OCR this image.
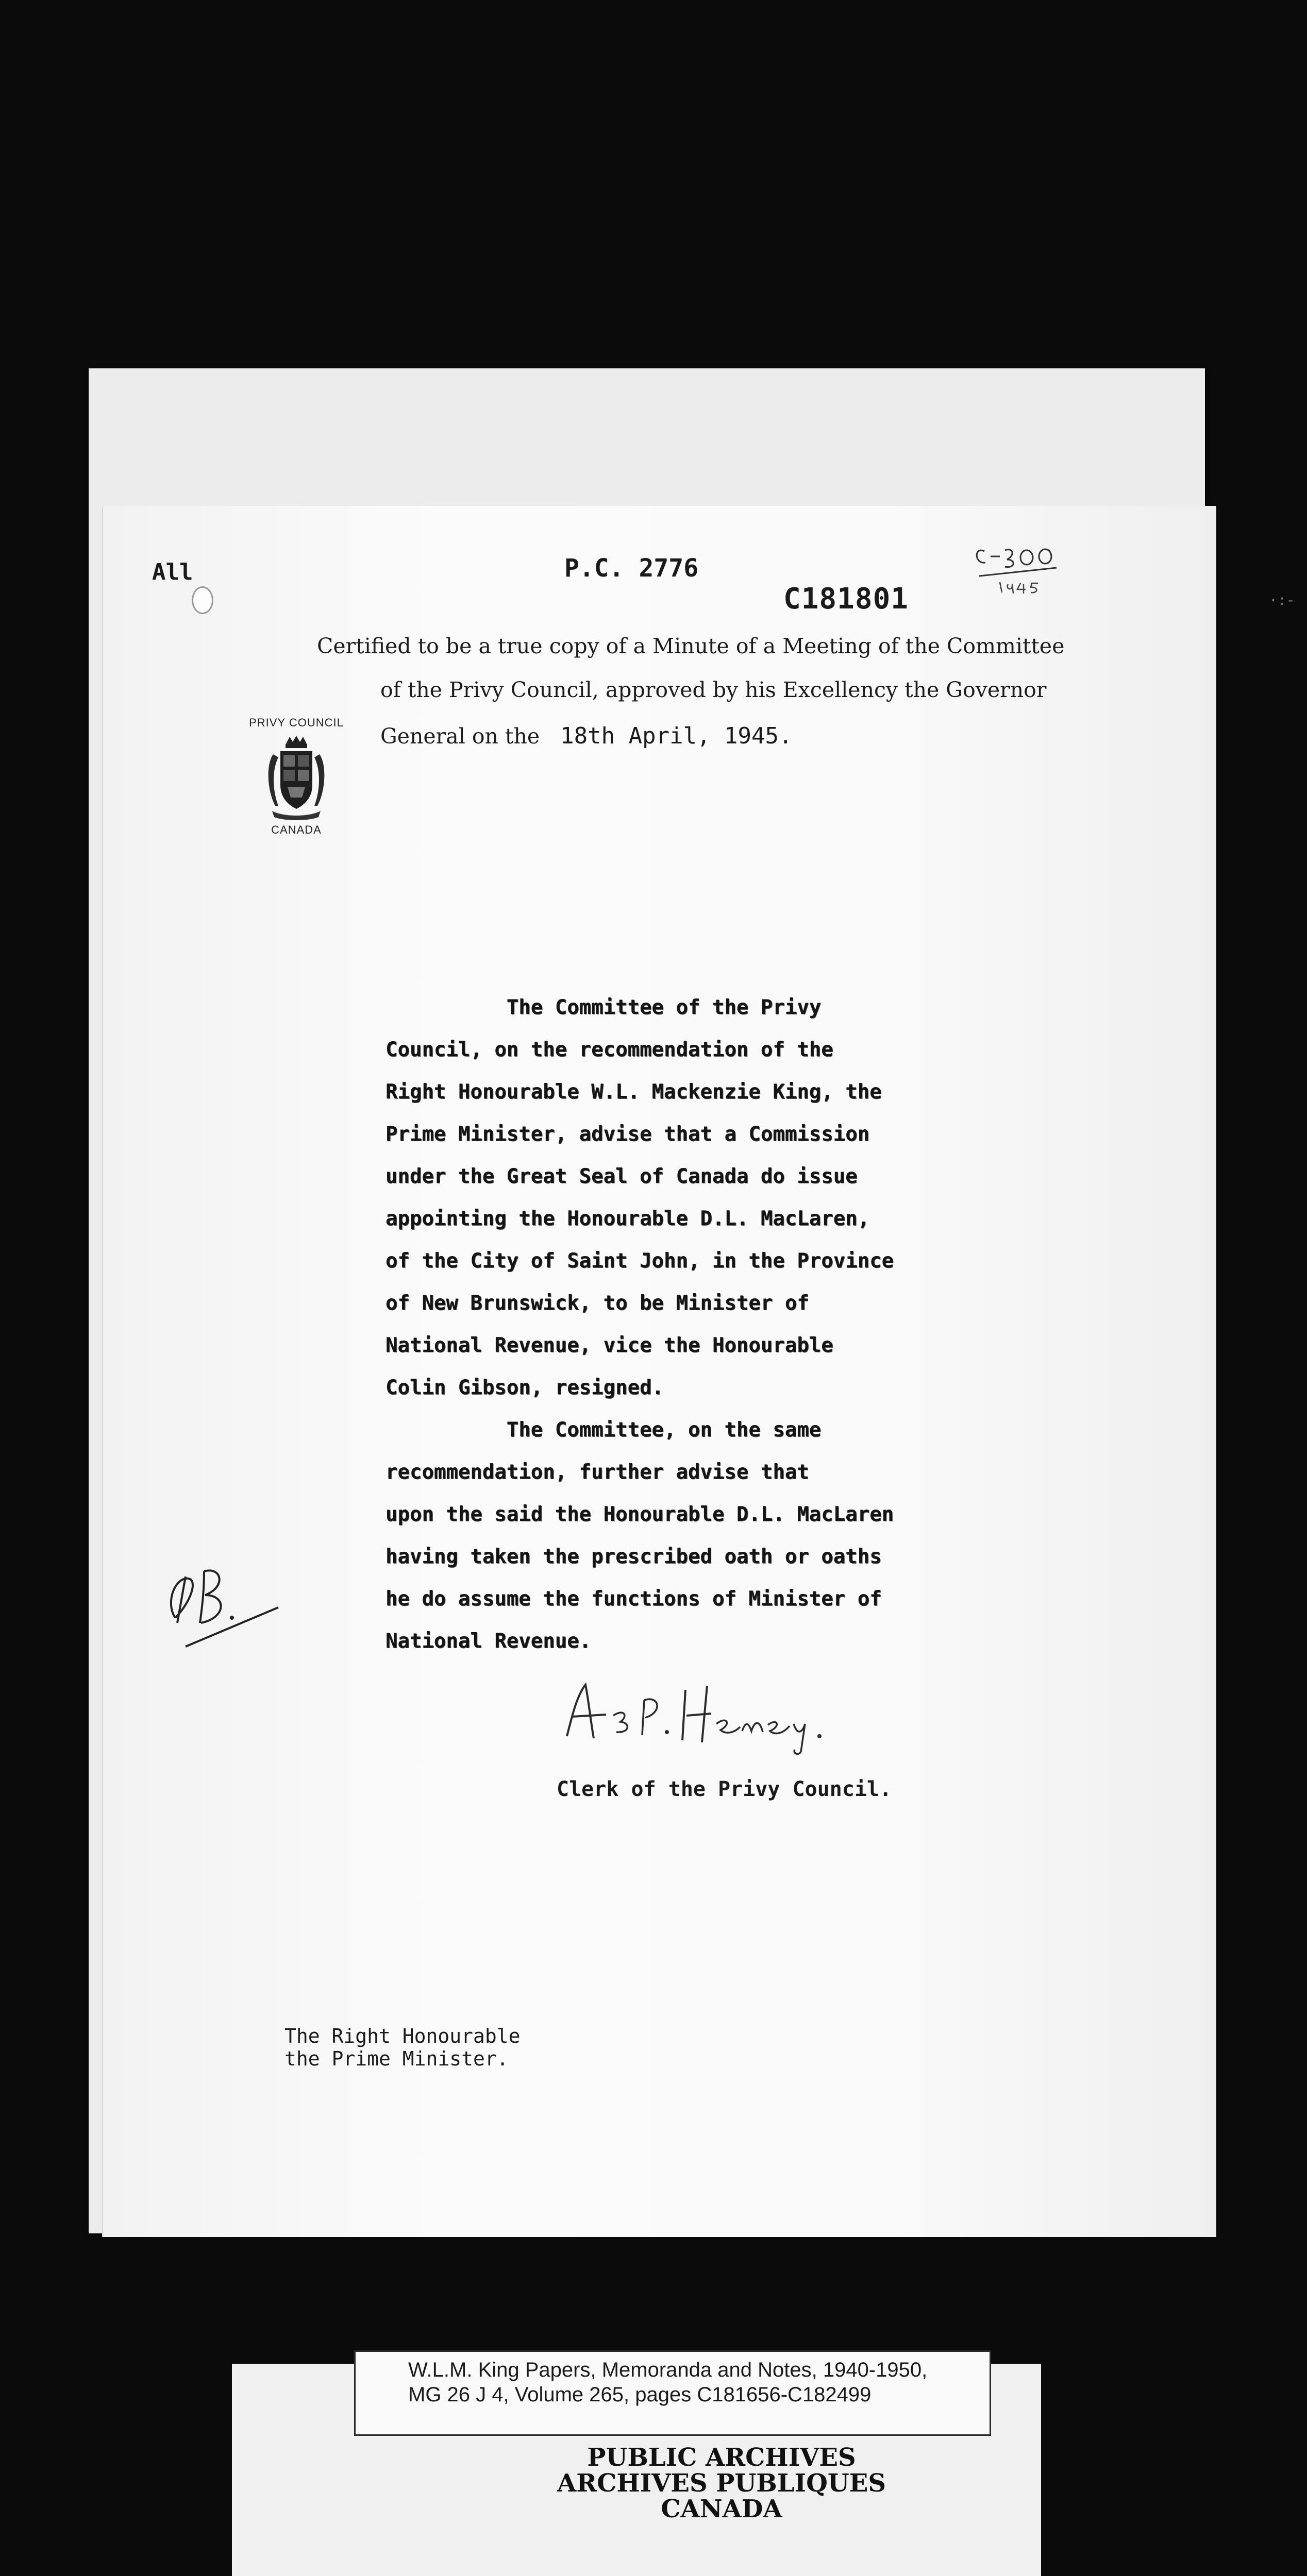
·:-
All	P.C. 2776
C181801
Certified to be a true copy of a Minute of a Meeting of the Committee
of the Privy Council, approved by his Excellency the Governor
General on the 18th April, 1945.
PRIVY COUNCIL
CANADA
The Committee of the Privy
Council, on the recommendation of the
Right Honourable W.L. Mackenzie King, the
Prime Minister, advise that a Commission
under the Great Seal of Canada do issue
appointing the Honourable D.L. MacLaren,
of the City of Saint John, in the Province
of New Brunswick, to be Minister of
National Revenue, vice the Honourable
Colin Gibson, resigned.
The Committee, on the same
recommendation, further advise that
upon the said the Honourable D.L. MacLaren
having taken the prescribed oath or oaths
he do assume the functions of Minister of
National Revenue.
Clerk of the Privy Council.
The Right Honourable
the Prime Minister.
W.L.M. King Papers, Memoranda and Notes, 1940-1950,
MG 26 J 4, Volume 265, pages C181656-C182499
PUBLIC ARCHIVES
ARCHIVES PUBLIQUES
CANADA
